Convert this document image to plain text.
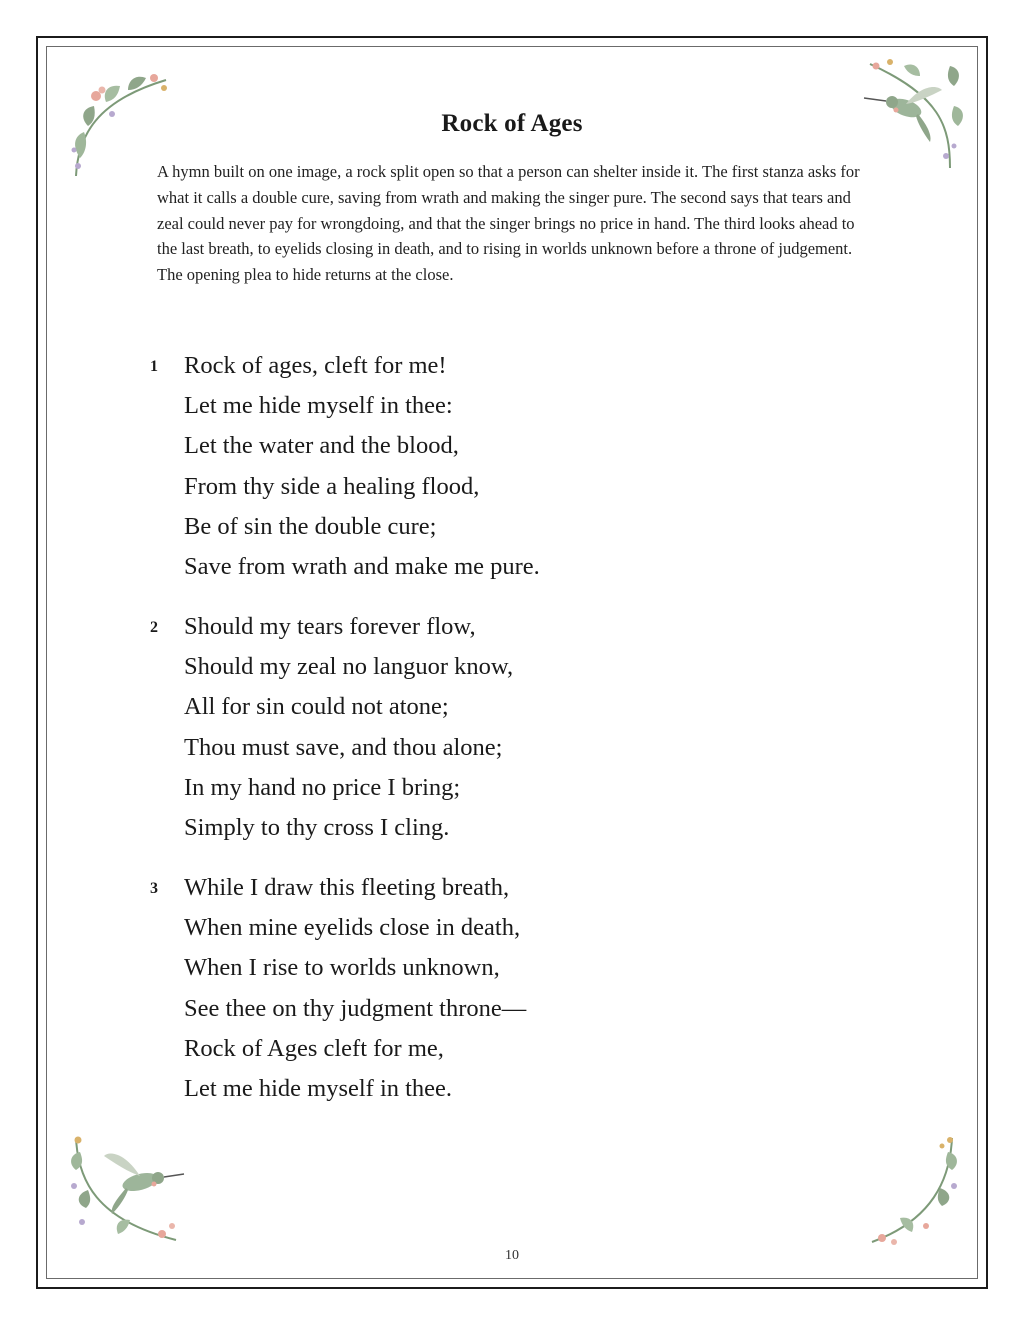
Rock of Ages
A hymn built on one image, a rock split open so that a person can shelter inside it. The first stanza asks for what it calls a double cure, saving from wrath and making the singer pure. The second says that tears and zeal could never pay for wrongdoing, and that the singer brings no price in hand. The third looks ahead to the last breath, to eyelids closing in death, and to rising in worlds unknown before a throne of judgement. The opening plea to hide returns at the close.
1 Rock of ages, cleft for me!
Let me hide myself in thee:
Let the water and the blood,
From thy side a healing flood,
Be of sin the double cure;
Save from wrath and make me pure.
2 Should my tears forever flow,
Should my zeal no languor know,
All for sin could not atone;
Thou must save, and thou alone;
In my hand no price I bring;
Simply to thy cross I cling.
3 While I draw this fleeting breath,
When mine eyelids close in death,
When I rise to worlds unknown,
See thee on thy judgment throne—
Rock of Ages cleft for me,
Let me hide myself in thee.
10
